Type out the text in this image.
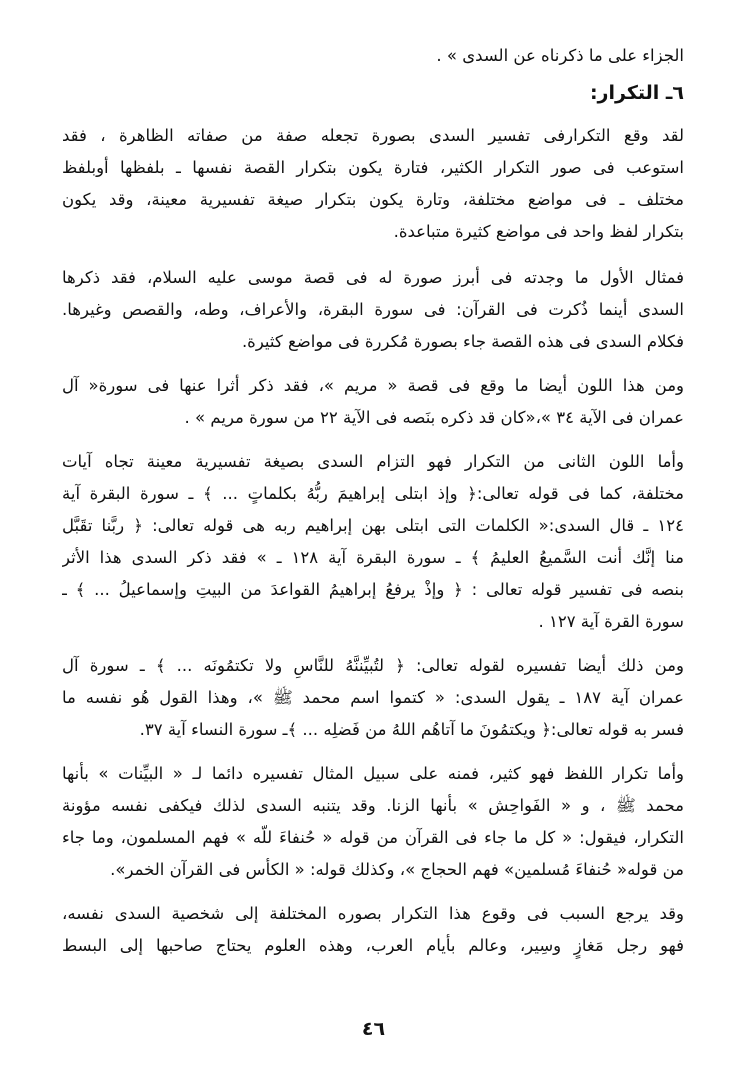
الجزاء على ما ذكرناه عن السدى » .
٦ـ التكرار:
لقد وقع التكرارفى تفسير السدى بصورة تجعله صفة من صفاته الظاهرة ، فقد
استوعب فى صور التكرار الكثير، فتارة يكون بتكرار القصة نفسها ـ بلفظها أوبلفظ
مختلف ـ فى مواضع مختلفة، وتارة يكون بتكرار صيغة تفسيرية معينة، وقد يكون
بتكرار لفظ واحد فى مواضع كثيرة متباعدة.
فمثال الأول ما وجدته فى أبرز صورة له فى قصة موسى عليه السلام، فقد ذكرها
السدى أينما ذُكرت فى القرآن: فى سورة البقرة، والأعراف، وطه، والقصص وغيرها.
فكلام السدى فى هذه القصة جاء بصورة مُكررة فى مواضع كثيرة.
ومن هذا اللون أيضا ما وقع فى قصة « مريم »، فقد ذكر أثرا عنها فى سورة« آل
عمران فى الآية ٣٤ »،«كان قد ذكره بنَصه فى الآية ٢٢ من سورة مريم » .
وأما اللون الثانى من التكرار فهو التزام السدى بصيغة تفسيرية معينة تجاه آيات
مختلفة، كما فى قوله تعالى:﴿ وإذ ابتلى إبراهيمَ ربُّهُ بكلماتٍ ... ﴾ ـ سورة البقرة آية
١٢٤ ـ قال السدى:« الكلمات التى ابتلى بهن إبراهيم ربه هى قوله تعالى: ﴿ ربَّنا تقَبَّل
منا إنَّك أنت السَّميعُ العليمُ ﴾ ـ سورة البقرة آية ١٢٨ ـ » فقد ذكر السدى هذا الأثر
بنصه فى تفسير قوله تعالى : ﴿ وإذْ يرفعُ إبراهيمُ القواعدَ من البيتِ وإسماعيلُ ... ﴾ ـ
سورة القرة آية ١٢٧ .
ومن ذلك أيضا تفسيره لقوله تعالى: ﴿ لتُبيِّننَّهُ للنَّاسِ ولا تكتمُونَه ... ﴾ ـ سورة آل
عمران آية ١٨٧ ـ يقول السدى: « كتموا اسم محمد ﷺ »، وهذا القول هُو نفسه ما
فسر به قوله تعالى:﴿ ويكتمُونَ ما آتاهُم اللهُ من فَضلِه ... ﴾ـ سورة النساء آية ٣٧.
وأما تكرار اللفظ فهو كثير، فمنه على سبيل المثال تفسيره دائما لـ « البيِّنات » بأنها
محمد ﷺ ، و « الفَواحِش » بأنها الزنا. وقد يتنبه السدى لذلك فيكفى نفسه مؤونة
التكرار، فيقول: « كل ما جاء فى القرآن من قوله « حُنفاءَ للّه » فهم المسلمون، وما جاء
من قوله« حُنفاءَ مُسلمين» فهم الحجاج »، وكذلك قوله: « الكأس فى القرآن الخمر».
وقد يرجع السبب فى وقوع هذا التكرار بصوره المختلفة إلى شخصية السدى نفسه،
فهو رجل مَغازٍ وسِير، وعالم بأيام العرب، وهذه العلوم يحتاج صاحبها إلى البسط
٤٦
